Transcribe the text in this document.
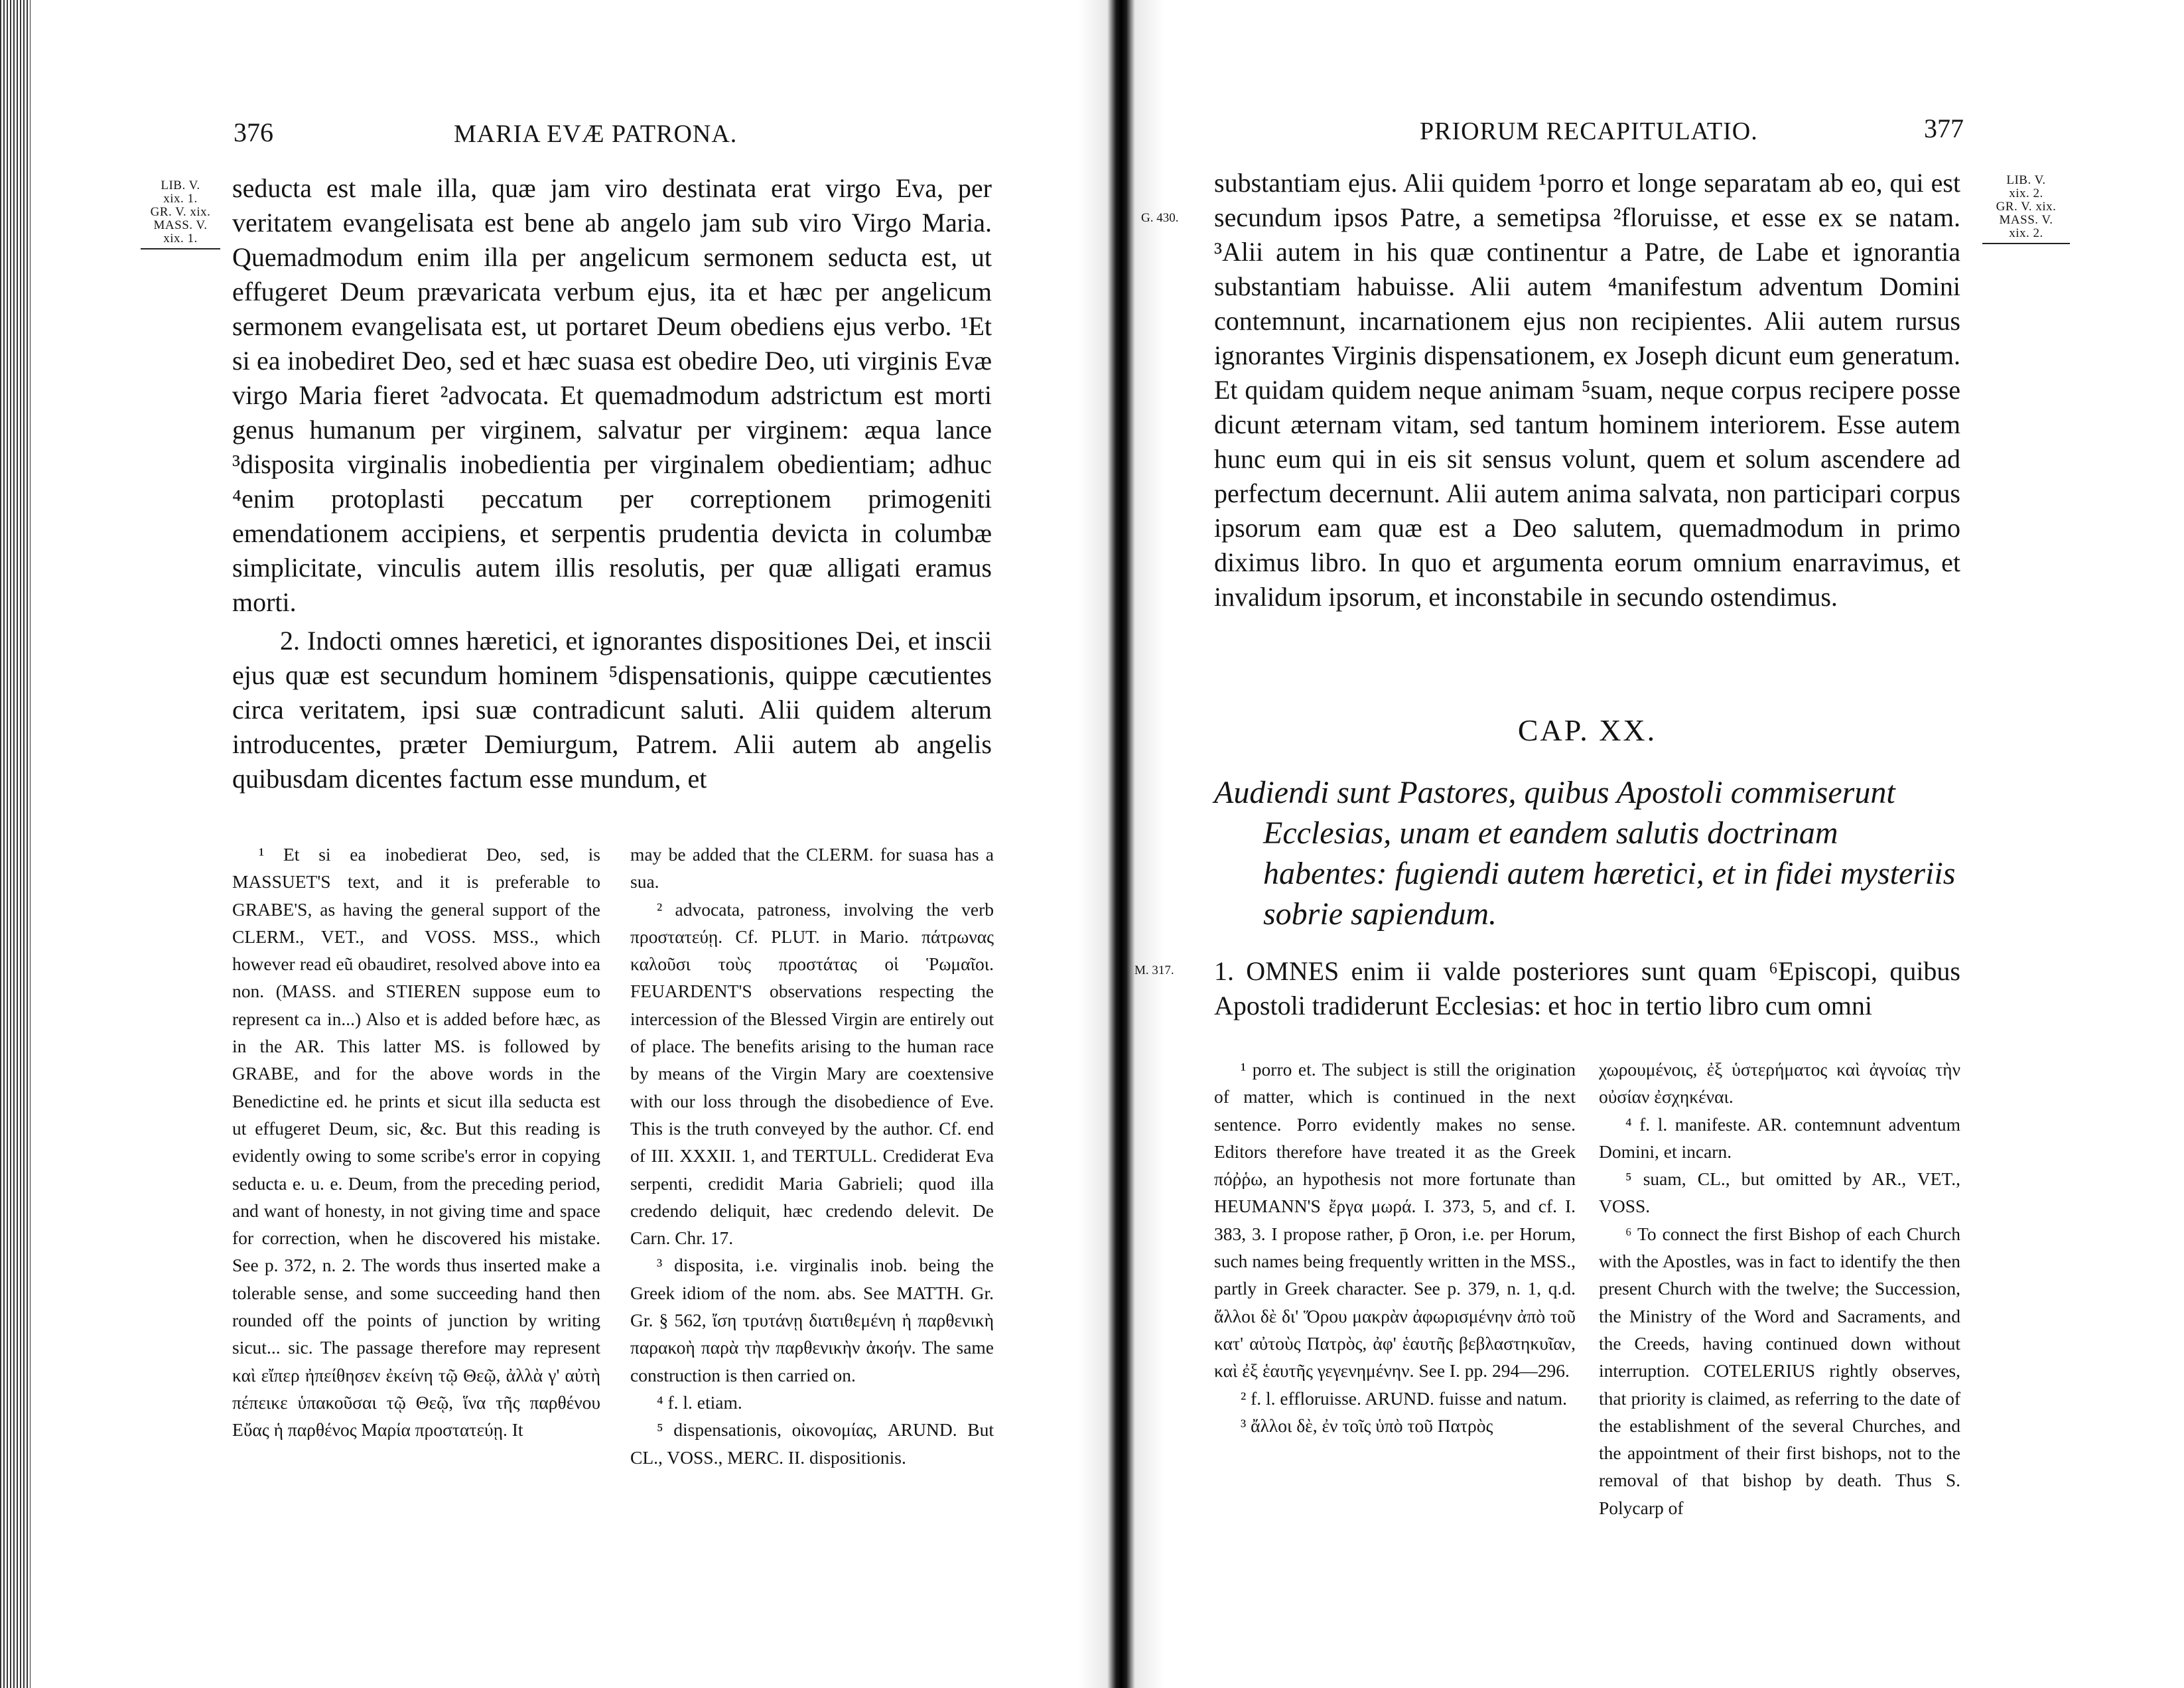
376	MARIA EVÆ PATRONA.
LIB. V.
xix. 1.
GR. V. xix.
MASS. V.
xix. 1.

seducta est male illa, quæ jam viro destinata erat virgo Eva, per veritatem evangelisata est bene ab angelo jam sub viro Virgo Maria. Quemadmodum enim illa per angelicum sermonem seducta est, ut effugeret Deum prævaricata verbum ejus, ita et hæc per angelicum sermonem evangelisata est, ut portaret Deum obediens ejus verbo. ¹Et si ea inobediret Deo, sed et hæc suasa est obedire Deo, uti virginis Evæ virgo Maria fieret ²advocata. Et quemadmodum adstrictum est morti genus humanum per virginem, salvatur per virginem: æqua lance ³disposita virginalis inobedientia per virginalem obedientiam; adhuc ⁴enim protoplasti peccatum per correptionem primogeniti emendationem accipiens, et serpentis prudentia devicta in columbæ simplicitate, vinculis autem illis resolutis, per quæ alligati eramus morti.

2. Indocti omnes hæretici, et ignorantes dispositiones Dei, et inscii ejus quæ est secundum hominem ⁵dispensationis, quippe cæcutientes circa veritatem, ipsi suæ contradicunt saluti. Alii quidem alterum introducentes, præter Demiurgum, Patrem. Alii autem ab angelis quibusdam dicentes factum esse mundum, et

¹ Et si ea inobedierat Deo, sed, is MASSUET'S text, and it is preferable to GRABE'S, as having the general support of the CLERM., VET., and VOSS. MSS., which however read eũ obaudiret, resolved above into ea non. (MASS. and STIEREN suppose eum to represent ca in...) Also et is added before hæc, as in the AR. This latter MS. is followed by GRABE, and for the above words in the Benedictine ed. he prints et sicut illa seducta est ut effugeret Deum, sic, &c. But this reading is evidently owing to some scribe's error in copying seducta e. u. e. Deum, from the preceding period, and want of honesty, in not giving time and space for correction, when he discovered his mistake. See p. 372, n. 2. The words thus inserted make a tolerable sense, and some succeeding hand then rounded off the points of junction by writing sicut... sic. The passage therefore may represent καὶ εἴπερ ἠπείθησεν ἐκείνη τῷ Θεῷ, ἀλλὰ γ' αὐτὴ πέπεικε ὑπακοῦσαι τῷ Θεῷ, ἵνα τῆς παρθένου Εὔας ἡ παρθένος Μαρία προστατεύῃ. It

may be added that the CLERM. for suasa has a sua.

² advocata, patroness, involving the verb προστατεύῃ. Cf. PLUT. in Mario. πάτρωνας καλοῦσι τοὺς προστάτας οἱ Ῥωμαῖοι. FEUARDENT'S observations respecting the intercession of the Blessed Virgin are entirely out of place. The benefits arising to the human race by means of the Virgin Mary are coextensive with our loss through the disobedience of Eve. This is the truth conveyed by the author. Cf. end of III. XXXII. 1, and TERTULL. Crediderat Eva serpenti, credidit Maria Gabrieli; quod illa credendo deliquit, hæc credendo delevit. De Carn. Chr. 17.

³ disposita, i.e. virginalis inob. being the Greek idiom of the nom. abs. See MATTH. Gr. Gr. § 562, ἴση τρυτάνῃ διατιθεμένη ἡ παρθενικὴ παρακοὴ παρὰ τὴν παρθενικὴν ἀκοήν. The same construction is then carried on.

⁴ f. l. etiam.

⁵ dispensationis, οἰκονομίας, ARUND. But CL., VOSS., MERC. II. dispositionis.

PRIORUM RECAPITULATIO.	377
LIB. V.
xix. 2.
GR. V. xix.
MASS. V.
xix. 2.
G. 430.
M. 317.

substantiam ejus. Alii quidem ¹porro et longe separatam ab eo, qui est secundum ipsos Patre, a semetipsa ²floruisse, et esse ex se natam. ³Alii autem in his quæ continentur a Patre, de Labe et ignorantia substantiam habuisse. Alii autem ⁴manifestum adventum Domini contemnunt, incarnationem ejus non recipientes. Alii autem rursus ignorantes Virginis dispensationem, ex Joseph dicunt eum generatum. Et quidam quidem neque animam ⁵suam, neque corpus recipere posse dicunt æternam vitam, sed tantum hominem interiorem. Esse autem hunc eum qui in eis sit sensus volunt, quem et solum ascendere ad perfectum decernunt. Alii autem anima salvata, non participari corpus ipsorum eam quæ est a Deo salutem, quemadmodum in primo diximus libro. In quo et argumenta eorum omnium enarravimus, et invalidum ipsorum, et inconstabile in secundo ostendimus.

CAP. XX.

Audiendi sunt Pastores, quibus Apostoli commiserunt Ecclesias, unam et eandem salutis doctrinam habentes: fugiendi autem hæretici, et in fidei mysteriis sobrie sapiendum.

1. OMNES enim ii valde posteriores sunt quam ⁶Episcopi, quibus Apostoli tradiderunt Ecclesias: et hoc in tertio libro cum omni

¹ porro et. The subject is still the origination of matter, which is continued in the next sentence. Porro evidently makes no sense. Editors therefore have treated it as the Greek πόῤῥω, an hypothesis not more fortunate than HEUMANN'S ἔργα μωρά. I. 373, 5, and cf. I. 383, 3. I propose rather, p̄ Oron, i.e. per Horum, such names being frequently written in the MSS., partly in Greek character. See p. 379, n. 1, q.d. ἄλλοι δὲ δι' Ὅρου μακρὰν ἀφωρισμένην ἀπὸ τοῦ κατ' αὐτοὺς Πατρὸς, ἀφ' ἑαυτῆς βεβλαστηκυῖαν, καὶ ἐξ ἑαυτῆς γεγενημένην. See I. pp. 294—296.

² f. l. effloruisse. ARUND. fuisse and natum.

³ ἄλλοι δὲ, ἐν τοῖς ὑπὸ τοῦ Πατρὸς

χωρουμένοις, ἐξ ὑστερήματος καὶ ἀγνοίας τὴν οὐσίαν ἐσχηκέναι.

⁴ f. l. manifeste. AR. contemnunt adventum Domini, et incarn.

⁵ suam, CL., but omitted by AR., VET., VOSS.

⁶ To connect the first Bishop of each Church with the Apostles, was in fact to identify the then present Church with the twelve; the Succession, the Ministry of the Word and Sacraments, and the Creeds, having continued down without interruption. COTELERIUS rightly observes, that priority is claimed, as referring to the date of the establishment of the several Churches, and the appointment of their first bishops, not to the removal of that bishop by death. Thus S. Polycarp of
